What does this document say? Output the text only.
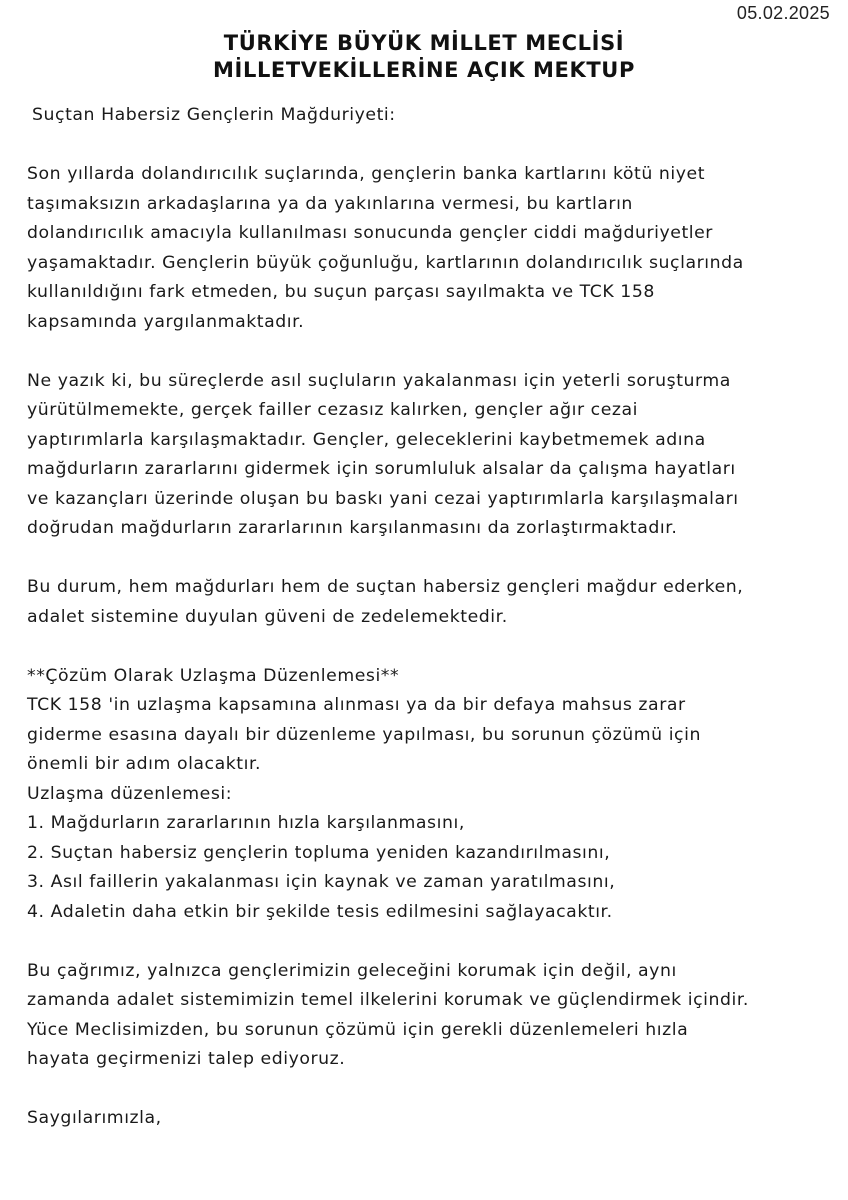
05.02.2025
TÜRKİYE BÜYÜK MİLLET MECLİSİ
MİLLETVEKİLLERİNE AÇIK MEKTUP
Suçtan Habersiz Gençlerin Mağduriyeti:
Son yıllarda dolandırıcılık suçlarında, gençlerin banka kartlarını kötü niyet
taşımaksızın arkadaşlarına ya da yakınlarına vermesi, bu kartların
dolandırıcılık amacıyla kullanılması sonucunda gençler ciddi mağduriyetler
yaşamaktadır. Gençlerin büyük çoğunluğu, kartlarının dolandırıcılık suçlarında
kullanıldığını fark etmeden, bu suçun parçası sayılmakta ve TCK 158
kapsamında yargılanmaktadır.
Ne yazık ki, bu süreçlerde asıl suçluların yakalanması için yeterli soruşturma
yürütülmemekte, gerçek failler cezasız kalırken, gençler ağır cezai
yaptırımlarla karşılaşmaktadır. Gençler, geleceklerini kaybetmemek adına
mağdurların zararlarını gidermek için sorumluluk alsalar da çalışma hayatları
ve kazançları üzerinde oluşan bu baskı yani cezai yaptırımlarla karşılaşmaları
doğrudan mağdurların zararlarının karşılanmasını da zorlaştırmaktadır.
Bu durum, hem mağdurları hem de suçtan habersiz gençleri mağdur ederken,
adalet sistemine duyulan güveni de zedelemektedir.
**Çözüm Olarak Uzlaşma Düzenlemesi**
TCK 158 'in uzlaşma kapsamına alınması ya da bir defaya mahsus zarar
giderme esasına dayalı bir düzenleme yapılması, bu sorunun çözümü için
önemli bir adım olacaktır.
Uzlaşma düzenlemesi:
1. Mağdurların zararlarının hızla karşılanmasını,
2. Suçtan habersiz gençlerin topluma yeniden kazandırılmasını,
3. Asıl faillerin yakalanması için kaynak ve zaman yaratılmasını,
4. Adaletin daha etkin bir şekilde tesis edilmesini sağlayacaktır.
Bu çağrımız, yalnızca gençlerimizin geleceğini korumak için değil, aynı
zamanda adalet sistemimizin temel ilkelerini korumak ve güçlendirmek içindir.
Yüce Meclisimizden, bu sorunun çözümü için gerekli düzenlemeleri hızla
hayata geçirmenizi talep ediyoruz.
Saygılarımızla,
